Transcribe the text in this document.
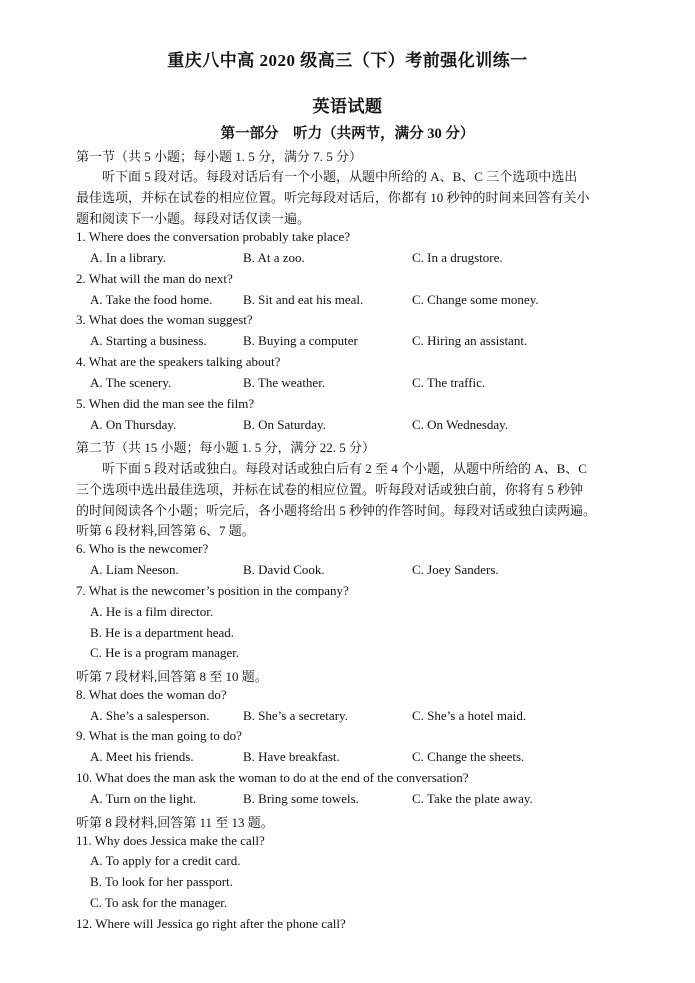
重庆八中高 2020 级高三（下）考前强化训练一
英语试题
第一部分　听力（共两节，满分 30 分）
第一节（共 5 小题；每小题 1. 5 分，满分 7. 5 分）
听下面 5 段对话。每段对话后有一个小题，从题中所给的 A、B、C 三个选项中选出
最佳选项，并标在试卷的相应位置。听完每段对话后，你都有 10 秒钟的时间来回答有关小
题和阅读下一小题。每段对话仅读一遍。
1. Where does the conversation probably take place?
A. In a library.	B. At a zoo.	C. In a drugstore.
2. What will the man do next?
A. Take the food home. B. Sit and eat his meal.	C. Change some money.
3. What does the woman suggest?
A. Starting a business.	B. Buying a computer	C. Hiring an assistant.
4. What are the speakers talking about?
A. The scenery.	B. The weather.	C. The traffic.
5. When did the man see the film?
A. On Thursday.	B. On Saturday.	C. On Wednesday.
第二节（共 15 小题；每小题 1. 5 分，满分 22. 5 分）
听下面 5 段对话或独白。每段对话或独白后有 2 至 4 个小题，从题中所给的 A、B、C
三个选项中选出最佳选项，并标在试卷的相应位置。听每段对话或独白前，你将有 5 秒钟
的时间阅读各个小题；听完后，各小题将给出 5 秒钟的作答时间。每段对话或独白读两遍。
听第 6 段材料,回答第 6、7 题。
6. Who is the newcomer?
A. Liam Neeson.	B. David Cook.	C. Joey Sanders.
7. What is the newcomer’s position in the company?
A. He is a film director.
B. He is a department head.
C. He is a program manager.
听第 7 段材料,回答第 8 至 10 题。
8. What does the woman do?
A. She’s a salesperson.	B. She’s a secretary.	C. She’s a hotel maid.
9. What is the man going to do?
A. Meet his friends.	B. Have breakfast.	C. Change the sheets.
10. What does the man ask the woman to do at the end of the conversation?
A. Turn on the light.	B. Bring some towels.	C. Take the plate away.
听第 8 段材料,回答第 11 至 13 题。
11. Why does Jessica make the call?
A. To apply for a credit card.
B. To look for her passport.
C. To ask for the manager.
12. Where will Jessica go right after the phone call?
